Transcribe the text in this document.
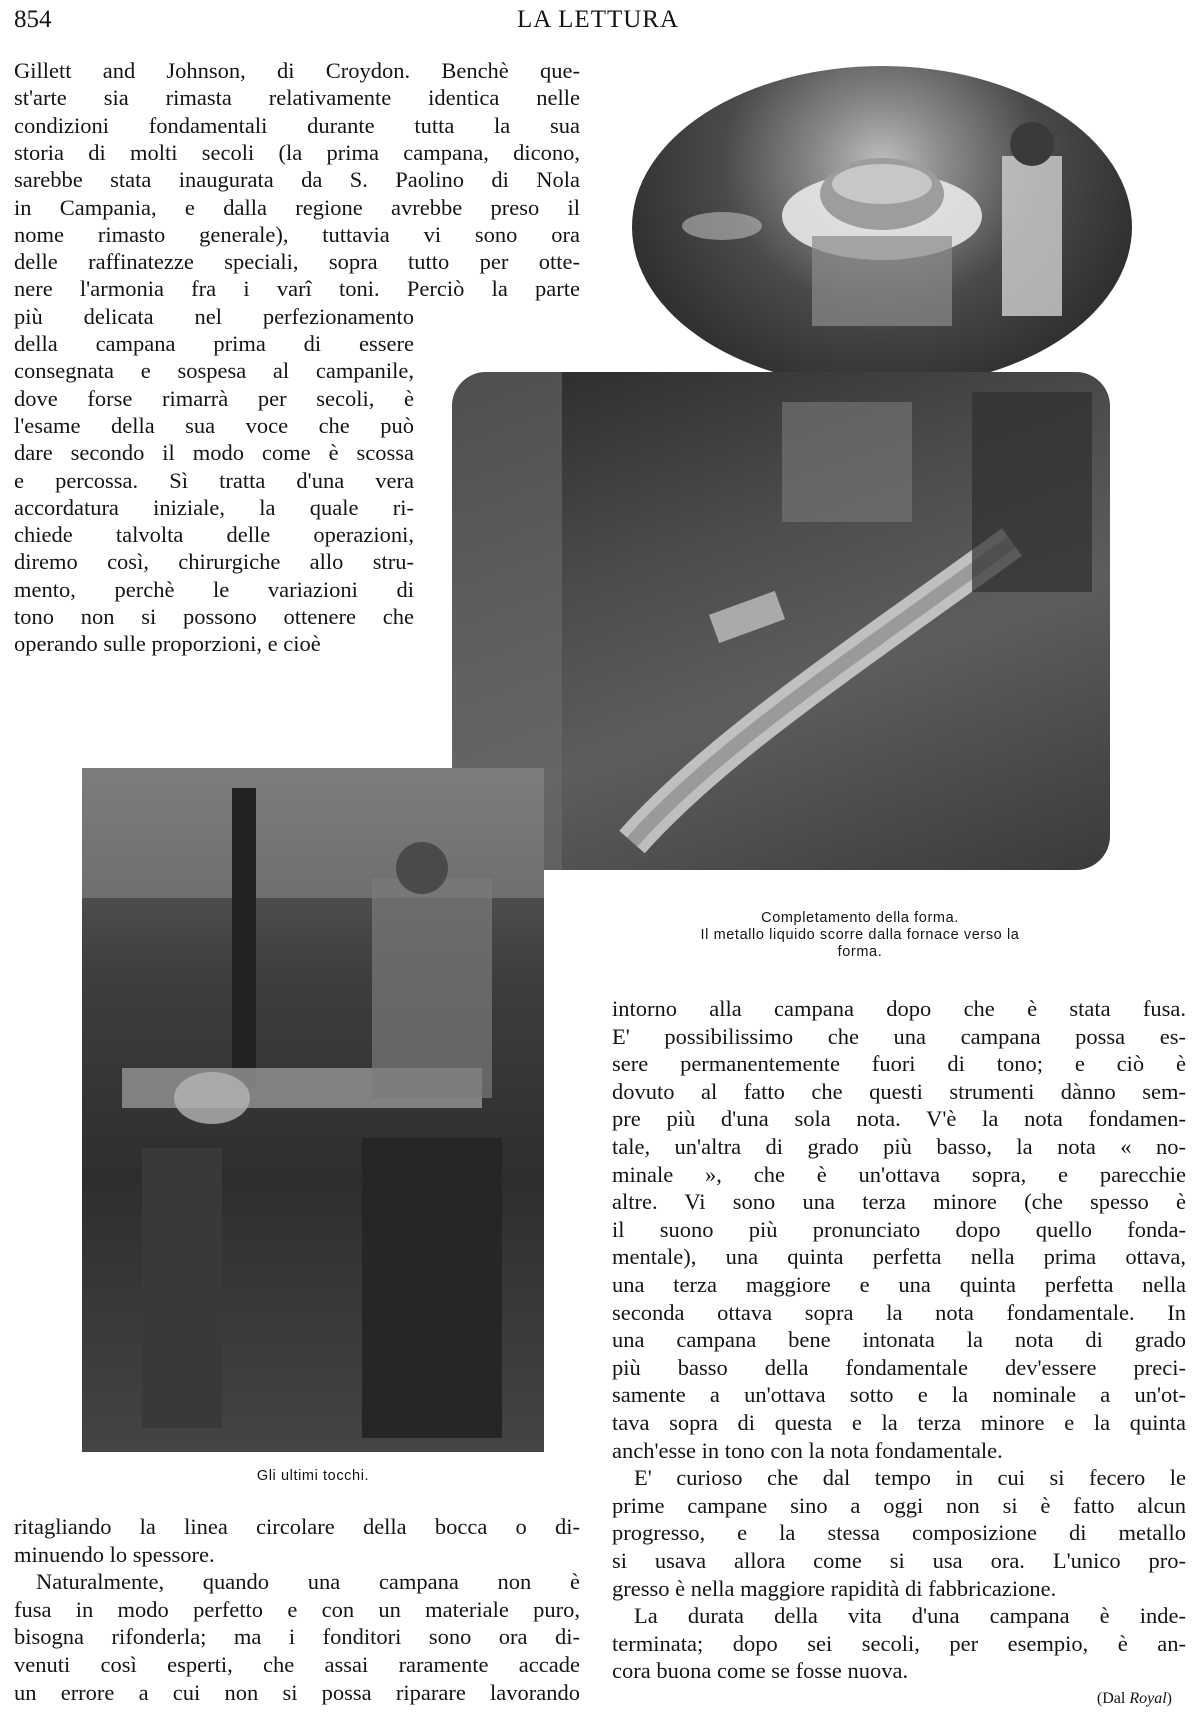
854	LA LETTURA
Completamento della forma.
Il metallo liquido scorre dalla fornace verso la
forma.
Gli ultimi tocchi.
Gillett and Johnson, di Croydon. Benchè que-
st'arte sia rimasta relativamente identica nelle
condizioni fondamentali durante tutta la sua
storia di molti secoli (la prima campana, dicono,
sarebbe stata inaugurata da S. Paolino di Nola
in Campania, e dalla regione avrebbe preso il
nome rimasto generale), tuttavia vi sono ora
delle raffinatezze speciali, sopra tutto per otte-
nere l'armonia fra i varî toni. Perciò la parte
più delicata nel perfezionamento
della campana prima di essere
consegnata e sospesa al campanile,
dove forse rimarrà per secoli, è
l'esame della sua voce che può
dare secondo il modo come è scossa
e percossa. Sì tratta d'una vera
accordatura iniziale, la quale ri-
chiede talvolta delle operazioni,
diremo così, chirurgiche allo stru-
mento, perchè le variazioni di
tono non si possono ottenere che
operando sulle proporzioni, e cioè
intorno alla campana dopo che è stata fusa.
E' possibilissimo che una campana possa es-
sere permanentemente fuori di tono; e ciò è
dovuto al fatto che questi strumenti dànno sem-
pre più d'una sola nota. V'è la nota fondamen-
tale, un'altra di grado più basso, la nota « no-
minale », che è un'ottava sopra, e parecchie
altre. Vi sono una terza minore (che spesso è
il suono più pronunciato dopo quello fonda-
mentale), una quinta perfetta nella prima ottava,
una terza maggiore e una quinta perfetta nella
seconda ottava sopra la nota fondamentale. In
una campana bene intonata la nota di grado
più basso della fondamentale dev'essere preci-
samente a un'ottava sotto e la nominale a un'ot-
tava sopra di questa e la terza minore e la quinta
anch'esse in tono con la nota fondamentale.
E' curioso che dal tempo in cui si fecero le
prime campane sino a oggi non si è fatto alcun
progresso, e la stessa composizione di metallo
si usava allora come si usa ora. L'unico pro-
gresso è nella maggiore rapidità di fabbricazione.
La durata della vita d'una campana è inde-
terminata; dopo sei secoli, per esempio, è an-
cora buona come se fosse nuova.
ritagliando la linea circolare della bocca o di-
minuendo lo spessore.
Naturalmente, quando una campana non è
fusa in modo perfetto e con un materiale puro,
bisogna rifonderla; ma i fonditori sono ora di-
venuti così esperti, che assai raramente accade
un errore a cui non si possa riparare lavorando	(Dal Royal)
